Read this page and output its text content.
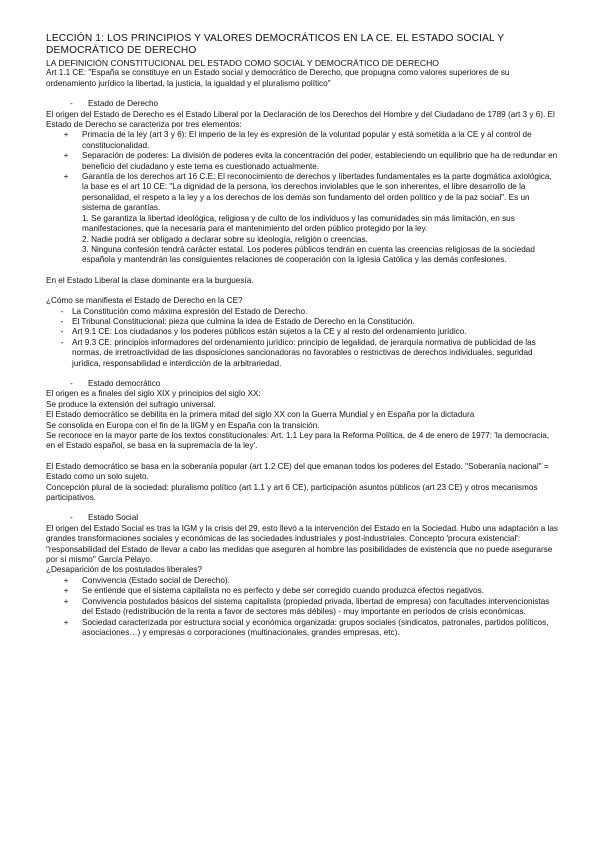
LECCIÓN 1: LOS PRINCIPIOS Y VALORES DEMOCRÁTICOS EN LA CE. EL ESTADO SOCIAL Y DEMOCRÁTICO DE DERECHO

LA DEFINICIÓN CONSTITUCIONAL DEL ESTADO COMO SOCIAL Y DEMOCRÁTICO DE DERECHO

Art 1.1 CE: "España se constituye en un Estado social y democrático de Derecho, que propugna como valores superiores de su ordenamiento jurídico la libertad, la justicia, la igualdad y el pluralismo político"

- Estado de Derecho

El origen del Estado de Derecho es el Estado Liberal por la Declaración de los Derechos del Hombre y del Ciudadano de 1789 (art 3 y 6). El Estado de Derecho se caracteriza por tres elementos:

+	Primacía de la ley (art 3 y 6): El imperio de la ley es expresión de la voluntad popular y está sometida a la CE y al control de constitucionalidad.
+	Separación de poderes: La división de poderes evita la concentración del poder, estableciendo un equilibrio que ha de redundar en beneficio del ciudadano y este tema es cuestionado actualmente.
+	Garantía de los derechos art 16 C.E: El reconocimiento de derechos y libertades fundamentales es la parte dogmática axiológica, la base es el art 10 CE: "La dignidad de la persona, los derechos inviolables que le son inherentes, el libre desarrollo de la personalidad, el respeto a la ley y a los derechos de los demás son fundamento del orden político y de la paz social". Es un sistema de garantías.

1. Se garantiza la libertad ideológica, religiosa y de culto de los individuos y las comunidades sin más limitación, en sus manifestaciones, que la necesaria para el mantenimiento del orden público protegido por la ley.

2. Nadie podrá ser obligado a declarar sobre su ideología, religión o creencias.

3. Ninguna confesión tendrá carácter estatal. Los poderes públicos tendrán en cuenta las creencias religiosas de la sociedad española y mantendrán las consiguientes relaciones de cooperación con la Iglesia Católica y las demás confesiones.

En el Estado Liberal la clase dominante era la burguesía.

¿Cómo se manifiesta el Estado de Derecho en la CE?

-	La Constitución como máxima expresión del Estado de Derecho.
-	El Tribunal Constitucional: pieza que culmina la idea de Estado de Derecho en la Constitución.
-	Art 9.1 CE: Los ciudadanos y los poderes públicos están sujetos a la CE y al resto del ordenamiento jurídico.
-	Art 9.3 CE: principios informadores del ordenamiento jurídico: principio de legalidad, de jerarquía normativa de publicidad de las normas, de irretroactividad de las disposiciones sancionadoras no favorables o restrictivas de derechos individuales, seguridad jurídica, responsabilidad e interdicción de la arbitrariedad.

- Estado democrático

El origen es a finales del siglo XIX y principios del siglo XX:

Se produce la extensión del sufragio universal.

El Estado democrático se debilita en la primera mitad del siglo XX con la Guerra Mundial y en España por la dictadura

Se consolida en Europa con el fin de la IIGM y en España con la transición.

Se reconoce en la mayor parte de los textos constitucionales: Art. 1.1 Ley para la Reforma Política, de 4 de enero de 1977: 'la democracia, en el Estado español, se basa en la supremacía de la ley'.

El Estado democrático se basa en la soberanía popular (art 1.2 CE) del que emanan todos los poderes del Estado. "Soberanía nacional" = Estado como un solo sujeto.

Concepción plural de la sociedad: pluralismo político (art 1.1 y art 6 CE), participación asuntos públicos (art 23 CE) y otros mecanismos participativos.

- Estado Social

El origen del Estado Social es tras la IGM y la crisis del 29, esto llevó a la intervención del Estado en la Sociedad. Hubo una adaptación a las grandes transformaciones sociales y económicas de las sociedades industriales y post-industriales. Concepto 'procura existencial': "responsabilidad del Estado de llevar a cabo las medidas que aseguren al hombre las posibilidades de existencia que no puede asegurarse por sí mismo" García Pelayo.

¿Desaparición de los postulados liberales?

+	Convivencia (Estado social de Derecho).
+	Se entiende que el sistema capitalista no es perfecto y debe ser corregido cuando produzca efectos negativos.
+	Convivencia postulados básicos del sistema capitalista (propiedad privada, libertad de empresa) con facultades intervencionistas del Estado (redistribución de la renta a favor de sectores más débiles) - muy importante en períodos de crisis económicas.
+	Sociedad caracterizada por estructura social y económica organizada: grupos sociales (sindicatos, patronales, partidos políticos, asociaciones…) y empresas o corporaciones (multinacionales, grandes empresas, etc).
